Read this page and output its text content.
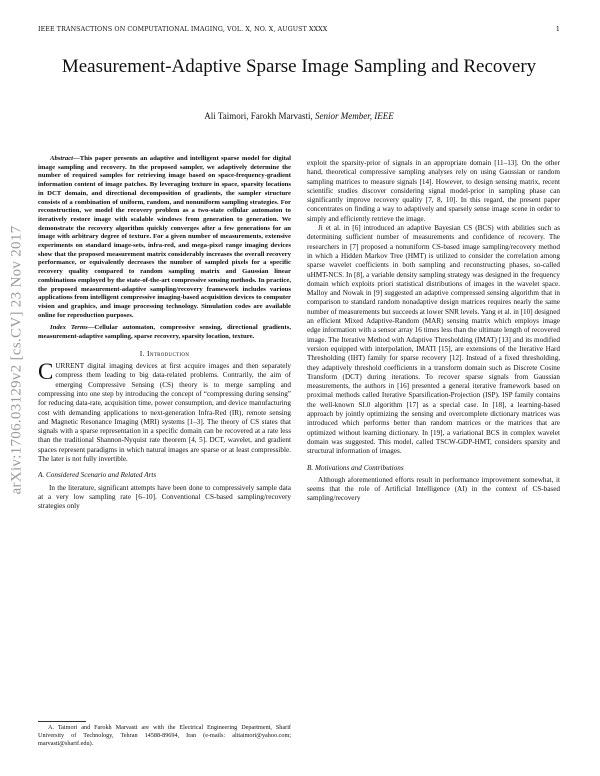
IEEE TRANSACTIONS ON COMPUTATIONAL IMAGING, VOL. X, NO. X, AUGUST XXXX	1
Measurement-Adaptive Sparse Image Sampling and Recovery
Ali Taimori, Farokh Marvasti, Senior Member, IEEE
arXiv:1706.03129v2 [cs.CV] 23 Nov 2017

Abstract—This paper presents an adaptive and intelligent sparse model for digital image sampling and recovery. In the proposed sampler, we adaptively determine the number of required samples for retrieving image based on space-frequency-gradient information content of image patches. By leveraging texture in space, sparsity locations in DCT domain, and directional decomposition of gradients, the sampler structure consists of a combination of uniform, random, and nonuniform sampling strategies. For reconstruction, we model the recovery problem as a two-state cellular automaton to iteratively restore image with scalable windows from generation to generation. We demonstrate the recovery algorithm quickly converges after a few generations for an image with arbitrary degree of texture. For a given number of measurements, extensive experiments on standard image-sets, infra-red, and mega-pixel range imaging devices show that the proposed measurement matrix considerably increases the overall recovery performance, or equivalently decreases the number of sampled pixels for a specific recovery quality compared to random sampling matrix and Gaussian linear combinations employed by the state-of-the-art compressive sensing methods. In practice, the proposed measurement-adaptive sampling/recovery framework includes various applications from intelligent compressive imaging-based acquisition devices to computer vision and graphics, and image processing technology. Simulation codes are available online for reproduction purposes.

Index Terms—Cellular automaton, compressive sensing, directional gradients, measurement-adaptive sampling, sparse recovery, sparsity location, texture.

I. Introduction

CURRENT digital imaging devices at first acquire images and then separately compress them leading to big data-related problems. Contrarily, the aim of emerging Compressive Sensing (CS) theory is to merge sampling and compressing into one step by introducing the concept of “compressing during sensing” for reducing data-rate, acquisition time, power consumption, and device manufacturing cost with demanding applications to next-generation Infra-Red (IR), remote sensing and Magnetic Resonance Imaging (MRI) systems [1–3]. The theory of CS states that signals with a sparse representation in a specific domain can be recovered at a rate less than the traditional Shannon-Nyquist rate theorem [4, 5]. DCT, wavelet, and gradient spaces represent paradigms in which natural images are sparse or at least compressible. The later is not fully invertible.

A. Considered Scenario and Related Arts

In the literature, significant attempts have been done to compressively sample data at a very low sampling rate [6–10]. Conventional CS-based sampling/recovery strategies only

A. Taimori and Farokh Marvasti are with the Electrical Engineering Department, Sharif University of Technology, Tehran 14588-89694, Iran (e-mails: alitaimori@yahoo.com; marvasti@sharif.edu).

exploit the sparsity-prior of signals in an appropriate domain [11–13]. On the other hand, theoretical compressive sampling analyses rely on using Gaussian or random sampling matrices to measure signals [14]. However, to design sensing matrix, recent scientific studies discover considering signal model-prior in sampling phase can significantly improve recovery quality [7, 8, 10]. In this regard, the present paper concentrates on finding a way to adaptively and sparsely sense image scene in order to simply and efficiently retrieve the image.

Ji et al. in [6] introduced an adaptive Bayesian CS (BCS) with abilities such as determining sufficient number of measurements and confidence of recovery. The researchers in [7] proposed a nonuniform CS-based image sampling/recovery method in which a Hidden Markov Tree (HMT) is utilized to consider the correlation among sparse wavelet coefficients in both sampling and reconstructing phases, so-called uHMT-NCS. In [8], a variable density sampling strategy was designed in the frequency domain which exploits priori statistical distributions of images in the wavelet space. Malloy and Nowak in [9] suggested an adaptive compressed sensing algorithm that in comparison to standard random nonadaptive design matrices requires nearly the same number of measurements but succeeds at lower SNR levels. Yang et al. in [10] designed an efficient Mixed Adaptive-Random (MAR) sensing matrix which employs image edge information with a sensor array 16 times less than the ultimate length of recovered image. The Iterative Method with Adaptive Thresholding (IMAT) [13] and its modified version equipped with interpolation, IMATI [15], are extensions of the Iterative Hard Thresholding (IHT) family for sparse recovery [12]. Instead of a fixed thresholding, they adaptively threshold coefficients in a transform domain such as Discrete Cosine Transform (DCT) during iterations. To recover sparse signals from Gaussian measurements, the authors in [16] presented a general iterative framework based on proximal methods called Iterative Sparsification-Projection (ISP). ISP family contains the well-known SL0 algorithm [17] as a special case. In [18], a learning-based approach by jointly optimizing the sensing and overcomplete dictionary matrices was introduced which performs better than random matrices or the matrices that are optimized without learning dictionary. In [19], a variational BCS in complex wavelet domain was suggested. This model, called TSCW-GDP-HMT, considers sparsity and structural information of images.

B. Motivations and Contributions

Although aforementioned efforts result in performance improvement somewhat, it seems that the role of Artificial Intelligence (AI) in the context of CS-based sampling/recovery
